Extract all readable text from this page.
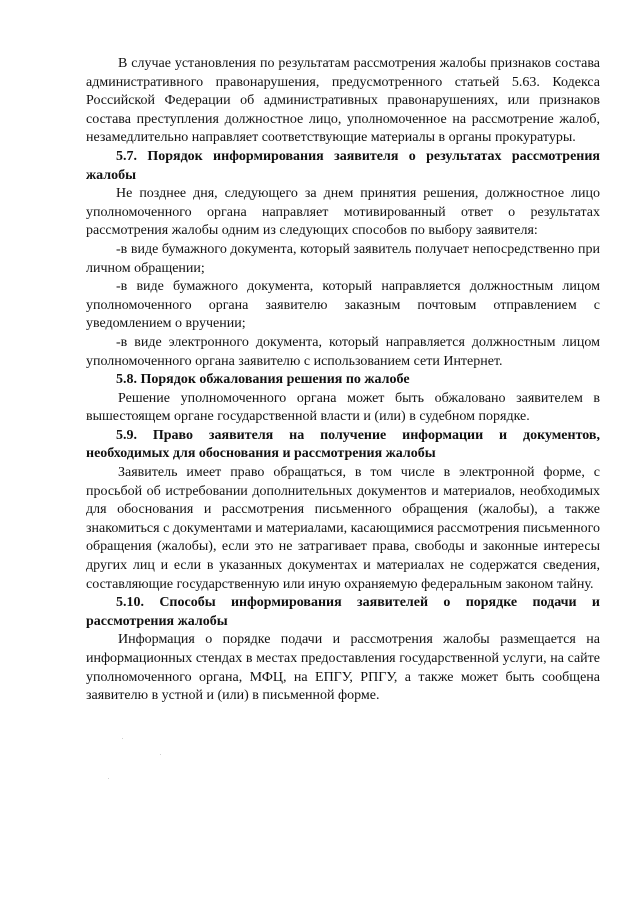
В случае установления по результатам рассмотрения жалобы признаков состава административного правонарушения, предусмотренного статьей 5.63. Кодекса Российской Федерации об административных правонарушениях, или признаков состава преступления должностное лицо, уполномоченное на рассмотрение жалоб, незамедлительно направляет соответствующие материалы в органы прокуратуры.

5.7. Порядок информирования заявителя о результатах рассмотрения жалобы

Не позднее дня, следующего за днем принятия решения, должностное лицо уполномоченного органа направляет мотивированный ответ о результатах рассмотрения жалобы одним из следующих способов по выбору заявителя:

-в виде бумажного документа, который заявитель получает непосредственно при личном обращении;

-в виде бумажного документа, который направляется должностным лицом уполномоченного органа заявителю заказным почтовым отправлением с уведомлением о вручении;

-в виде электронного документа, который направляется должностным лицом уполномоченного органа заявителю с использованием сети Интернет.

5.8. Порядок обжалования решения по жалобе

Решение уполномоченного органа может быть обжаловано заявителем в вышестоящем органе государственной власти и (или) в судебном порядке.

5.9. Право заявителя на получение информации и документов, необходимых для обоснования и рассмотрения жалобы

Заявитель имеет право обращаться, в том числе в электронной форме, с просьбой об истребовании дополнительных документов и материалов, необходимых для обоснования и рассмотрения письменного обращения (жалобы), а также знакомиться с документами и материалами, касающимися рассмотрения письменного обращения (жалобы), если это не затрагивает права, свободы и законные интересы других лиц и если в указанных документах и материалах не содержатся сведения, составляющие государственную или иную охраняемую федеральным законом тайну.

5.10. Способы информирования заявителей о порядке подачи и рассмотрения жалобы

Информация о порядке подачи и рассмотрения жалобы размещается на информационных стендах в местах предоставления государственной услуги, на сайте уполномоченного органа, МФЦ, на ЕПГУ, РПГУ, а также может быть сообщена заявителю в устной и (или) в письменной форме.
